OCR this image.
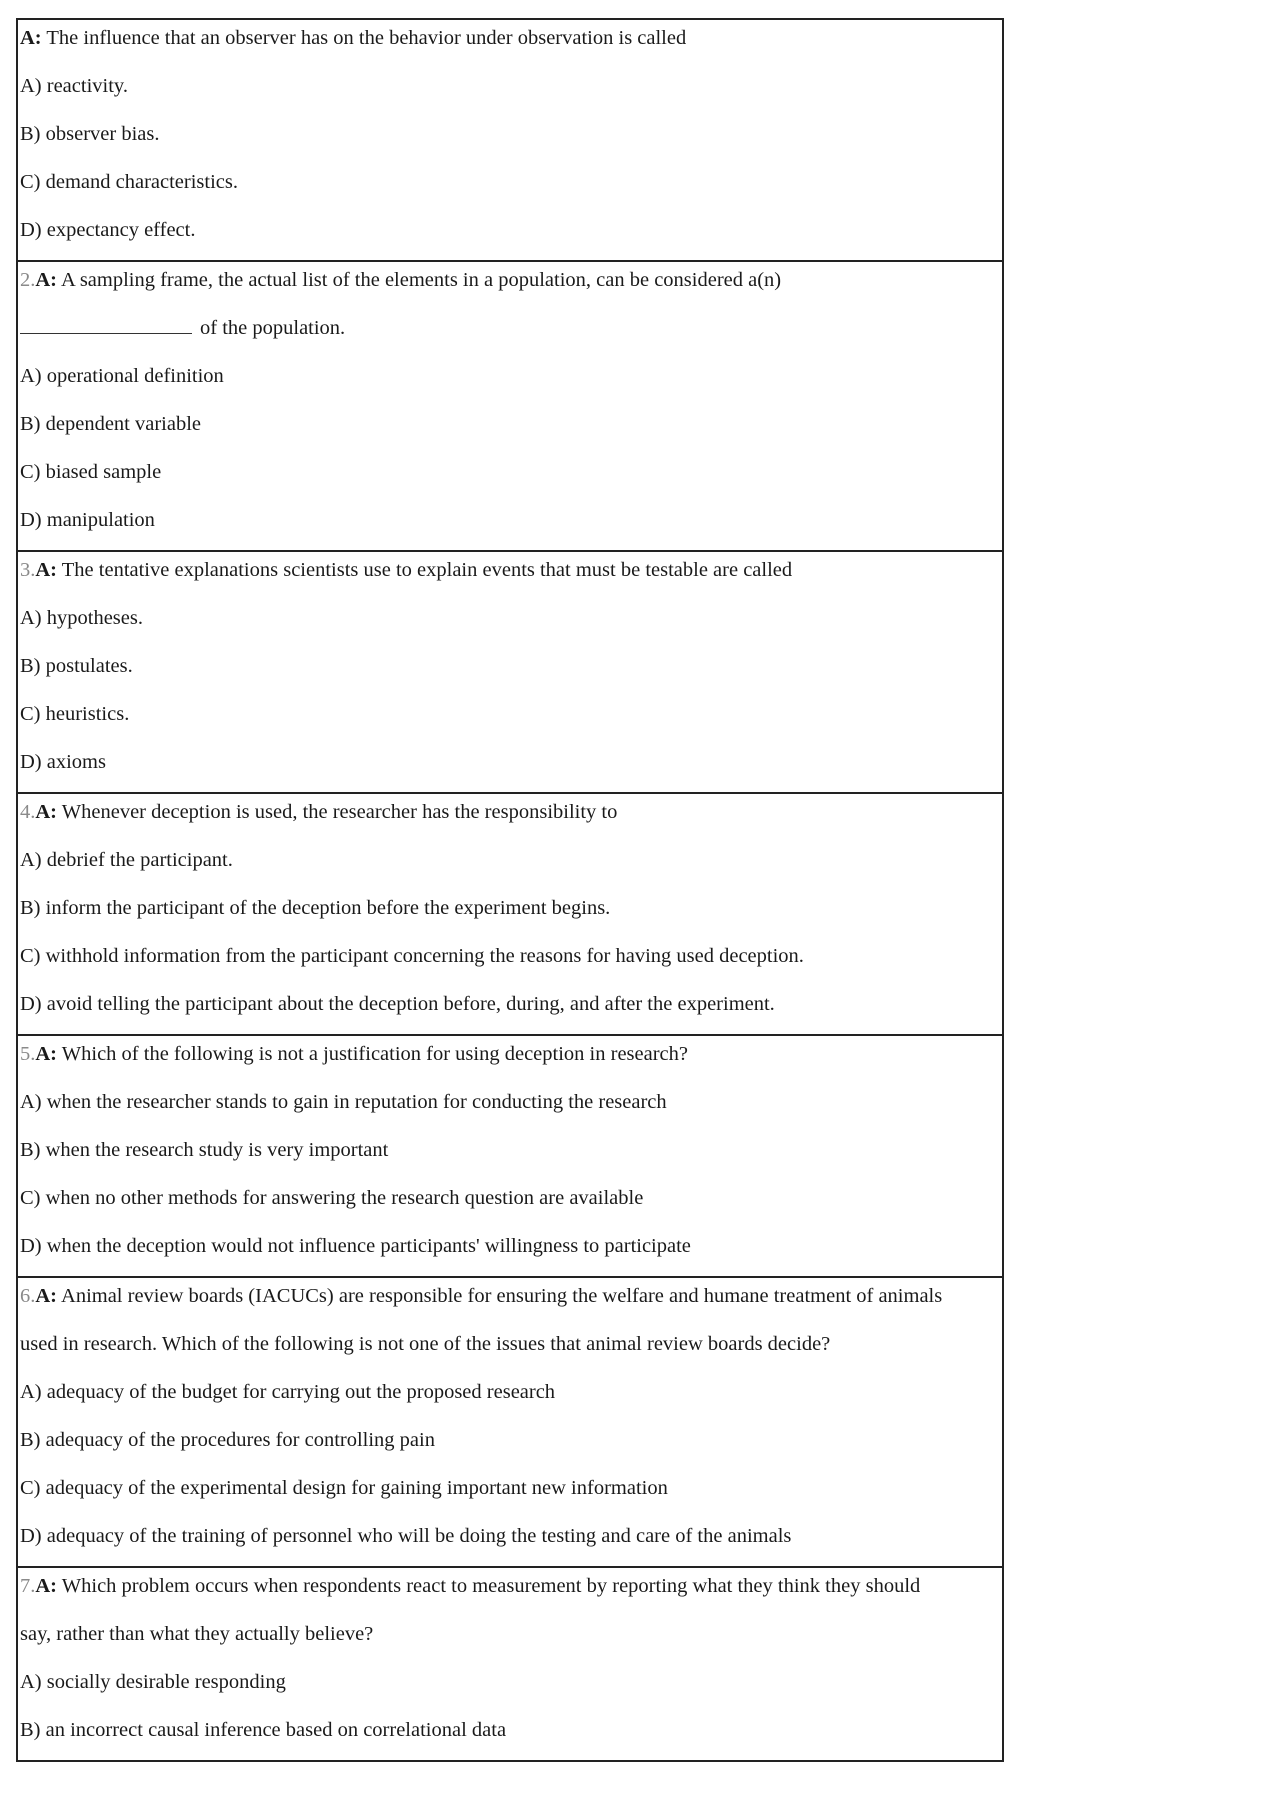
A: The influence that an observer has on the behavior under observation is called

A) reactivity.

B) observer bias.

C) demand characteristics.

D) expectancy effect.

2.A: A sampling frame, the actual list of the elements in a population, can be considered a(n)

of the population.

A) operational definition

B) dependent variable

C) biased sample

D) manipulation

3.A: The tentative explanations scientists use to explain events that must be testable are called

A) hypotheses.

B) postulates.

C) heuristics.

D) axioms

4.A: Whenever deception is used, the researcher has the responsibility to

A) debrief the participant.

B) inform the participant of the deception before the experiment begins.

C) withhold information from the participant concerning the reasons for having used deception.

D) avoid telling the participant about the deception before, during, and after the experiment.

5.A: Which of the following is not a justification for using deception in research?

A) when the researcher stands to gain in reputation for conducting the research

B) when the research study is very important

C) when no other methods for answering the research question are available

D) when the deception would not influence participants' willingness to participate

6.A: Animal review boards (IACUCs) are responsible for ensuring the welfare and humane treatment of animals

used in research. Which of the following is not one of the issues that animal review boards decide?

A) adequacy of the budget for carrying out the proposed research

B) adequacy of the procedures for controlling pain

C) adequacy of the experimental design for gaining important new information

D) adequacy of the training of personnel who will be doing the testing and care of the animals

7.A: Which problem occurs when respondents react to measurement by reporting what they think they should

say, rather than what they actually believe?

A) socially desirable responding

B) an incorrect causal inference based on correlational data
